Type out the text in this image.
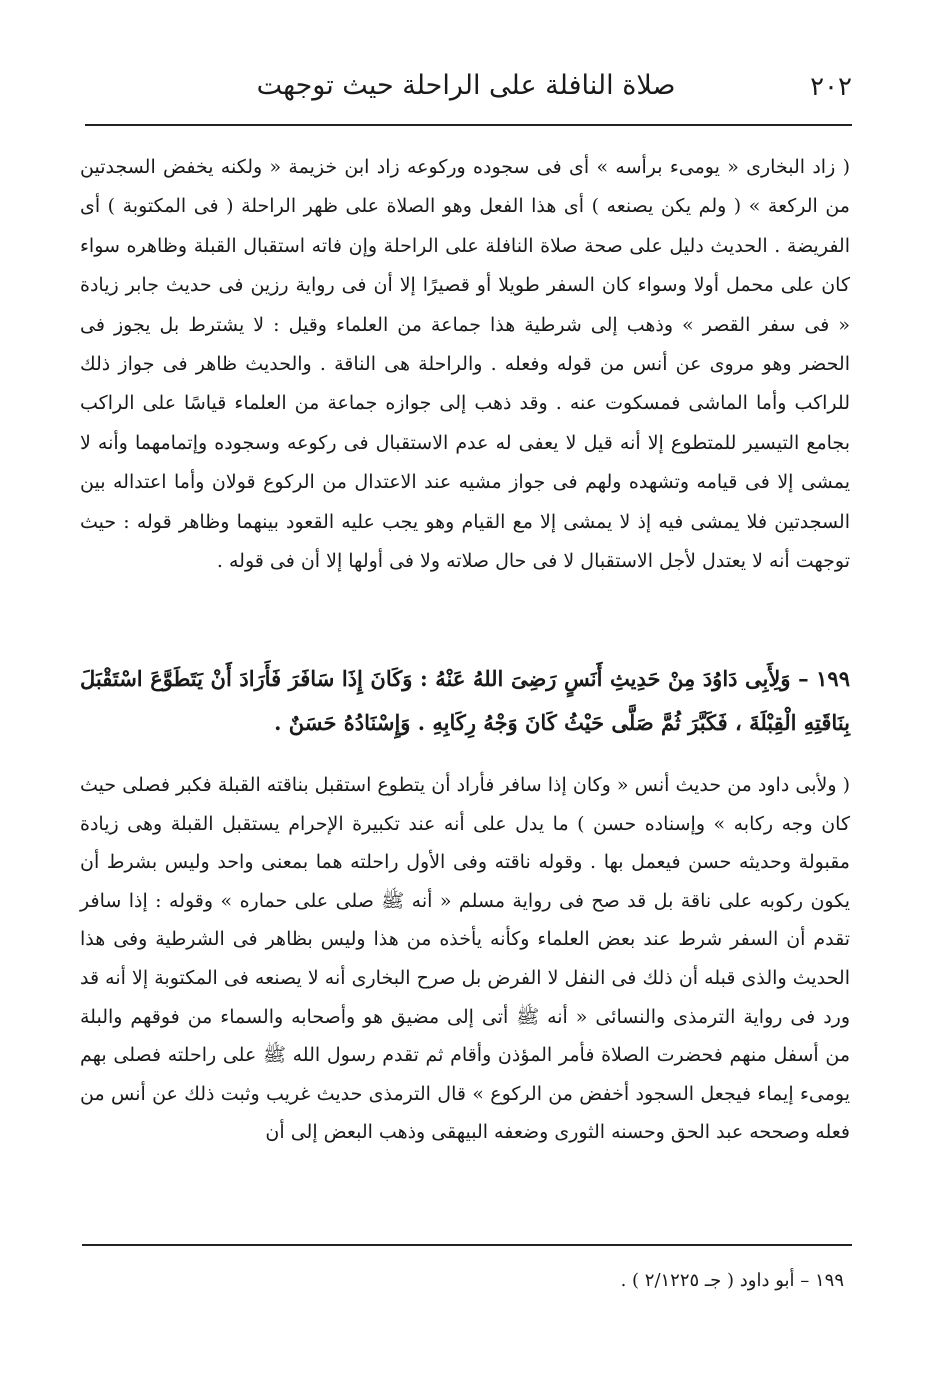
٢٠٢
صلاة النافلة على الراحلة حيث توجهت

( زاد البخارى « يومىء برأسه » أى فى سجوده وركوعه زاد ابن خزيمة « ولكنه يخفض السجدتين من الركعة » ( ولم يكن يصنعه ) أى هذا الفعل وهو الصلاة على ظهر الراحلة ( فى المكتوبة ) أى الفريضة . الحديث دليل على صحة صلاة النافلة على الراحلة وإن فاته استقبال القبلة وظاهره سواء كان على محمل أولا وسواء كان السفر طويلا أو قصيرًا إلا أن فى رواية رزين فى حديث جابر زيادة « فى سفر القصر » وذهب إلى شرطية هذا جماعة من العلماء وقيل : لا يشترط بل يجوز فى الحضر وهو مروى عن أنس من قوله وفعله . والراحلة هى الناقة . والحديث ظاهر فى جواز ذلك للراكب وأما الماشى فمسكوت عنه . وقد ذهب إلى جوازه جماعة من العلماء قياسًا على الراكب بجامع التيسير للمتطوع إلا أنه قيل لا يعفى له عدم الاستقبال فى ركوعه وسجوده وإتمامهما وأنه لا يمشى إلا فى قيامه وتشهده ولهم فى جواز مشيه عند الاعتدال من الركوع قولان وأما اعتداله بين السجدتين فلا يمشى فيه إذ لا يمشى إلا مع القيام وهو يجب عليه القعود بينهما وظاهر قوله : حيث توجهت أنه لا يعتدل لأجل الاستقبال لا فى حال صلاته ولا فى أولها إلا أن فى قوله .

١٩٩ – وَلِأَبِى دَاوُدَ مِنْ حَدِيثِ أَنَسٍ رَضِىَ اللهُ عَنْهُ : وَكَانَ إِذَا سَافَرَ فَأَرَادَ أَنْ يَتَطَوَّعَ اسْتَقْبَلَ بِنَاقَتِهِ الْقِبْلَةَ ، فَكَبَّرَ ثُمَّ صَلَّى حَيْثُ كَانَ وَجْهُ رِكَابِهِ . وَإِسْنَادُهُ حَسَنٌ .

( ولأبى داود من حديث أنس « وكان إذا سافر فأراد أن يتطوع استقبل بناقته القبلة فكبر فصلى حيث كان وجه ركابه » وإسناده حسن ) ما يدل على أنه عند تكبيرة الإحرام يستقبل القبلة وهى زيادة مقبولة وحديثه حسن فيعمل بها . وقوله ناقته وفى الأول راحلته هما بمعنى واحد وليس بشرط أن يكون ركوبه على ناقة بل قد صح فى رواية مسلم « أنه ﷺ صلى على حماره » وقوله : إذا سافر تقدم أن السفر شرط عند بعض العلماء وكأنه يأخذه من هذا وليس بظاهر فى الشرطية وفى هذا الحديث والذى قبله أن ذلك فى النفل لا الفرض بل صرح البخارى أنه لا يصنعه فى المكتوبة إلا أنه قد ورد فى رواية الترمذى والنسائى « أنه ﷺ أتى إلى مضيق هو وأصحابه والسماء من فوقهم والبلة من أسفل منهم فحضرت الصلاة فأمر المؤذن وأقام ثم تقدم رسول الله ﷺ على راحلته فصلى بهم يومىء إيماء فيجعل السجود أخفض من الركوع » قال الترمذى حديث غريب وثبت ذلك عن أنس من فعله وصححه عبد الحق وحسنه الثورى وضعفه البيهقى وذهب البعض إلى أن

١٩٩ – أبو داود ( جـ ٢/١٢٢٥ ) .
